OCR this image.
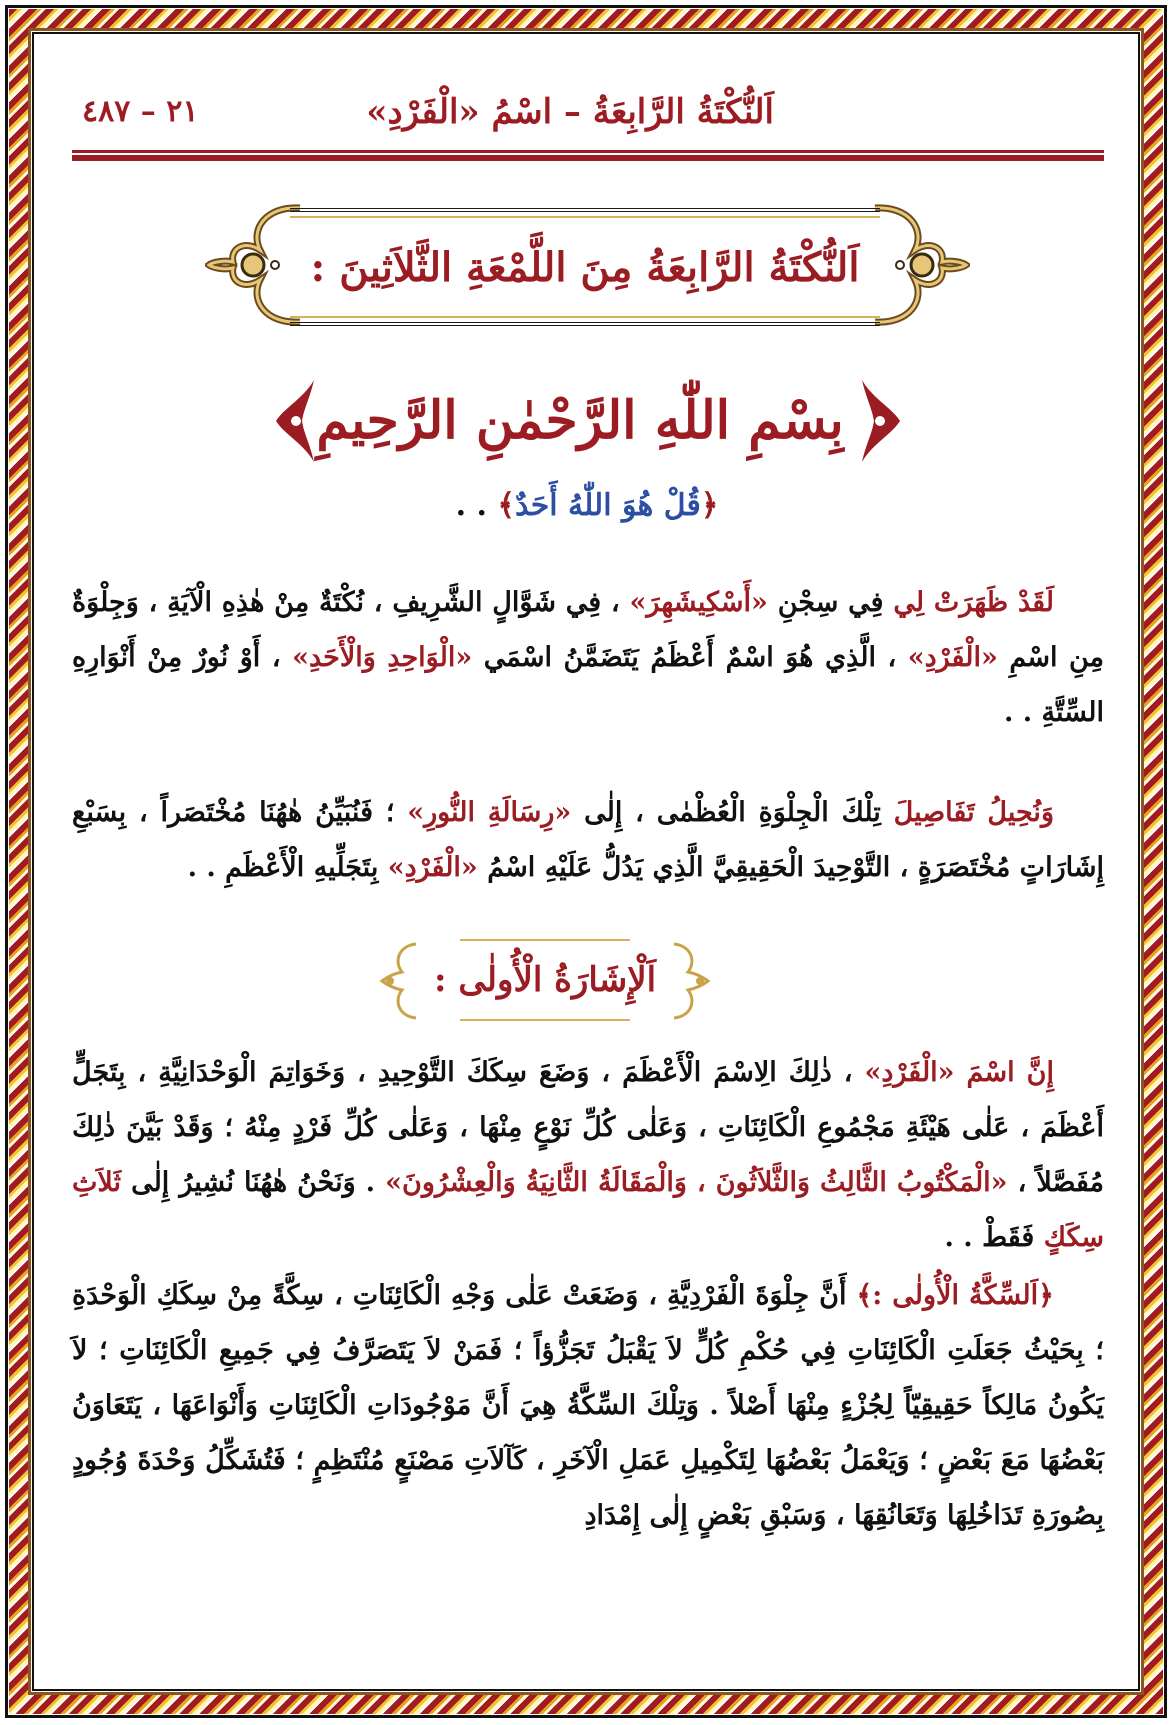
اَلنُّكْتَةُ الرَّابِعَةُ – اسْمُ «الْفَرْدِ»
٢١ – ٤٨٧
اَلنُّكْتَةُ الرَّابِعَةُ مِنَ اللَّمْعَةِ الثَّلاَثِينَ :
بِسْمِ اللّٰهِ الرَّحْمٰنِ الرَّحِيمِ
﴿قُلْ هُوَ اللّٰهُ أَحَدٌ﴾ . .
لَقَدْ ظَهَرَتْ لِي فِي سِجْنِ «أَسْكِيشَهِرَ» ، فِي شَوَّالٍ الشَّرِيفِ ، نُكْتَةٌ مِنْ هٰذِهِ الْآيَةِ ، وَجِلْوَةٌ مِنِ اسْمِ «الْفَرْدِ» ، الَّذِي هُوَ اسْمٌ أَعْظَمُ يَتَضَمَّنُ اسْمَي «الْوَاحِدِ وَالْأَحَدِ» ، أَوْ نُورٌ مِنْ أَنْوَارِهِ السِّتَّةِ . .
وَنُحِيلُ تَفَاصِيلَ تِلْكَ الْجِلْوَةِ الْعُظْمٰى ، إِلٰى «رِسَالَةِ النُّورِ» ؛ فَنُبَيِّنُ هٰهُنَا مُخْتَصَراً ، بِسَبْعِ إِشَارَاتٍ مُخْتَصَرَةٍ ، التَّوْحِيدَ الْحَقِيقِيَّ الَّذِي يَدُلُّ عَلَيْهِ اسْمُ «الْفَرْدِ» بِتَجَلِّيهِ الْأَعْظَمِ . .
اَلْإِشَارَةُ الْأُولٰى :
إِنَّ اسْمَ «الْفَرْدِ» ، ذٰلِكَ الِاسْمَ الْأَعْظَمَ ، وَضَعَ سِكَكَ التَّوْحِيدِ ، وَخَوَاتِمَ الْوَحْدَانِيَّةِ ، بِتَجَلٍّ أَعْظَمَ ، عَلٰى هَيْئَةِ مَجْمُوعِ الْكَائِنَاتِ ، وَعَلٰى كُلِّ نَوْعٍ مِنْهَا ، وَعَلٰى كُلِّ فَرْدٍ مِنْهُ ؛ وَقَدْ بَيَّنَ ذٰلِكَ مُفَصَّلاً ، «الْمَكْتُوبُ الثَّالِثُ وَالثَّلاَثُونَ ، وَالْمَقَالَةُ الثَّانِيَةُ وَالْعِشْرُونَ» . وَنَحْنُ هٰهُنَا نُشِيرُ إِلٰى ثَلاَثِ سِكَكٍ فَقَطْ . .
﴿اَلسِّكَّةُ الْأُولٰى :﴾ أَنَّ جِلْوَةَ الْفَرْدِيَّةِ ، وَضَعَتْ عَلٰى وَجْهِ الْكَائِنَاتِ ، سِكَّةً مِنْ سِكَكِ الْوَحْدَةِ ؛ بِحَيْثُ جَعَلَتِ الْكَائِنَاتِ فِي حُكْمِ كُلٍّ لاَ يَقْبَلُ تَجَزُّؤاً ؛ فَمَنْ لاَ يَتَصَرَّفُ فِي جَمِيعِ الْكَائِنَاتِ ؛ لاَ يَكُونُ مَالِكاً حَقِيقِيّاً لِجُزْءٍ مِنْهَا أَصْلاً . وَتِلْكَ السِّكَّةُ هِيَ أَنَّ مَوْجُودَاتِ الْكَائِنَاتِ وَأَنْوَاعَهَا ، يَتَعَاوَنُ بَعْضُهَا مَعَ بَعْضٍ ؛ وَيَعْمَلُ بَعْضُهَا لِتَكْمِيلِ عَمَلِ الْآخَرِ ، كَآلاَتِ مَصْنَعٍ مُنْتَظِمٍ ؛ فَتُشَكِّلُ وَحْدَةَ وُجُودٍ بِصُورَةِ تَدَاخُلِهَا وَتَعَانُقِهَا ، وَسَبْقِ بَعْضٍ إِلٰى إِمْدَادِ
